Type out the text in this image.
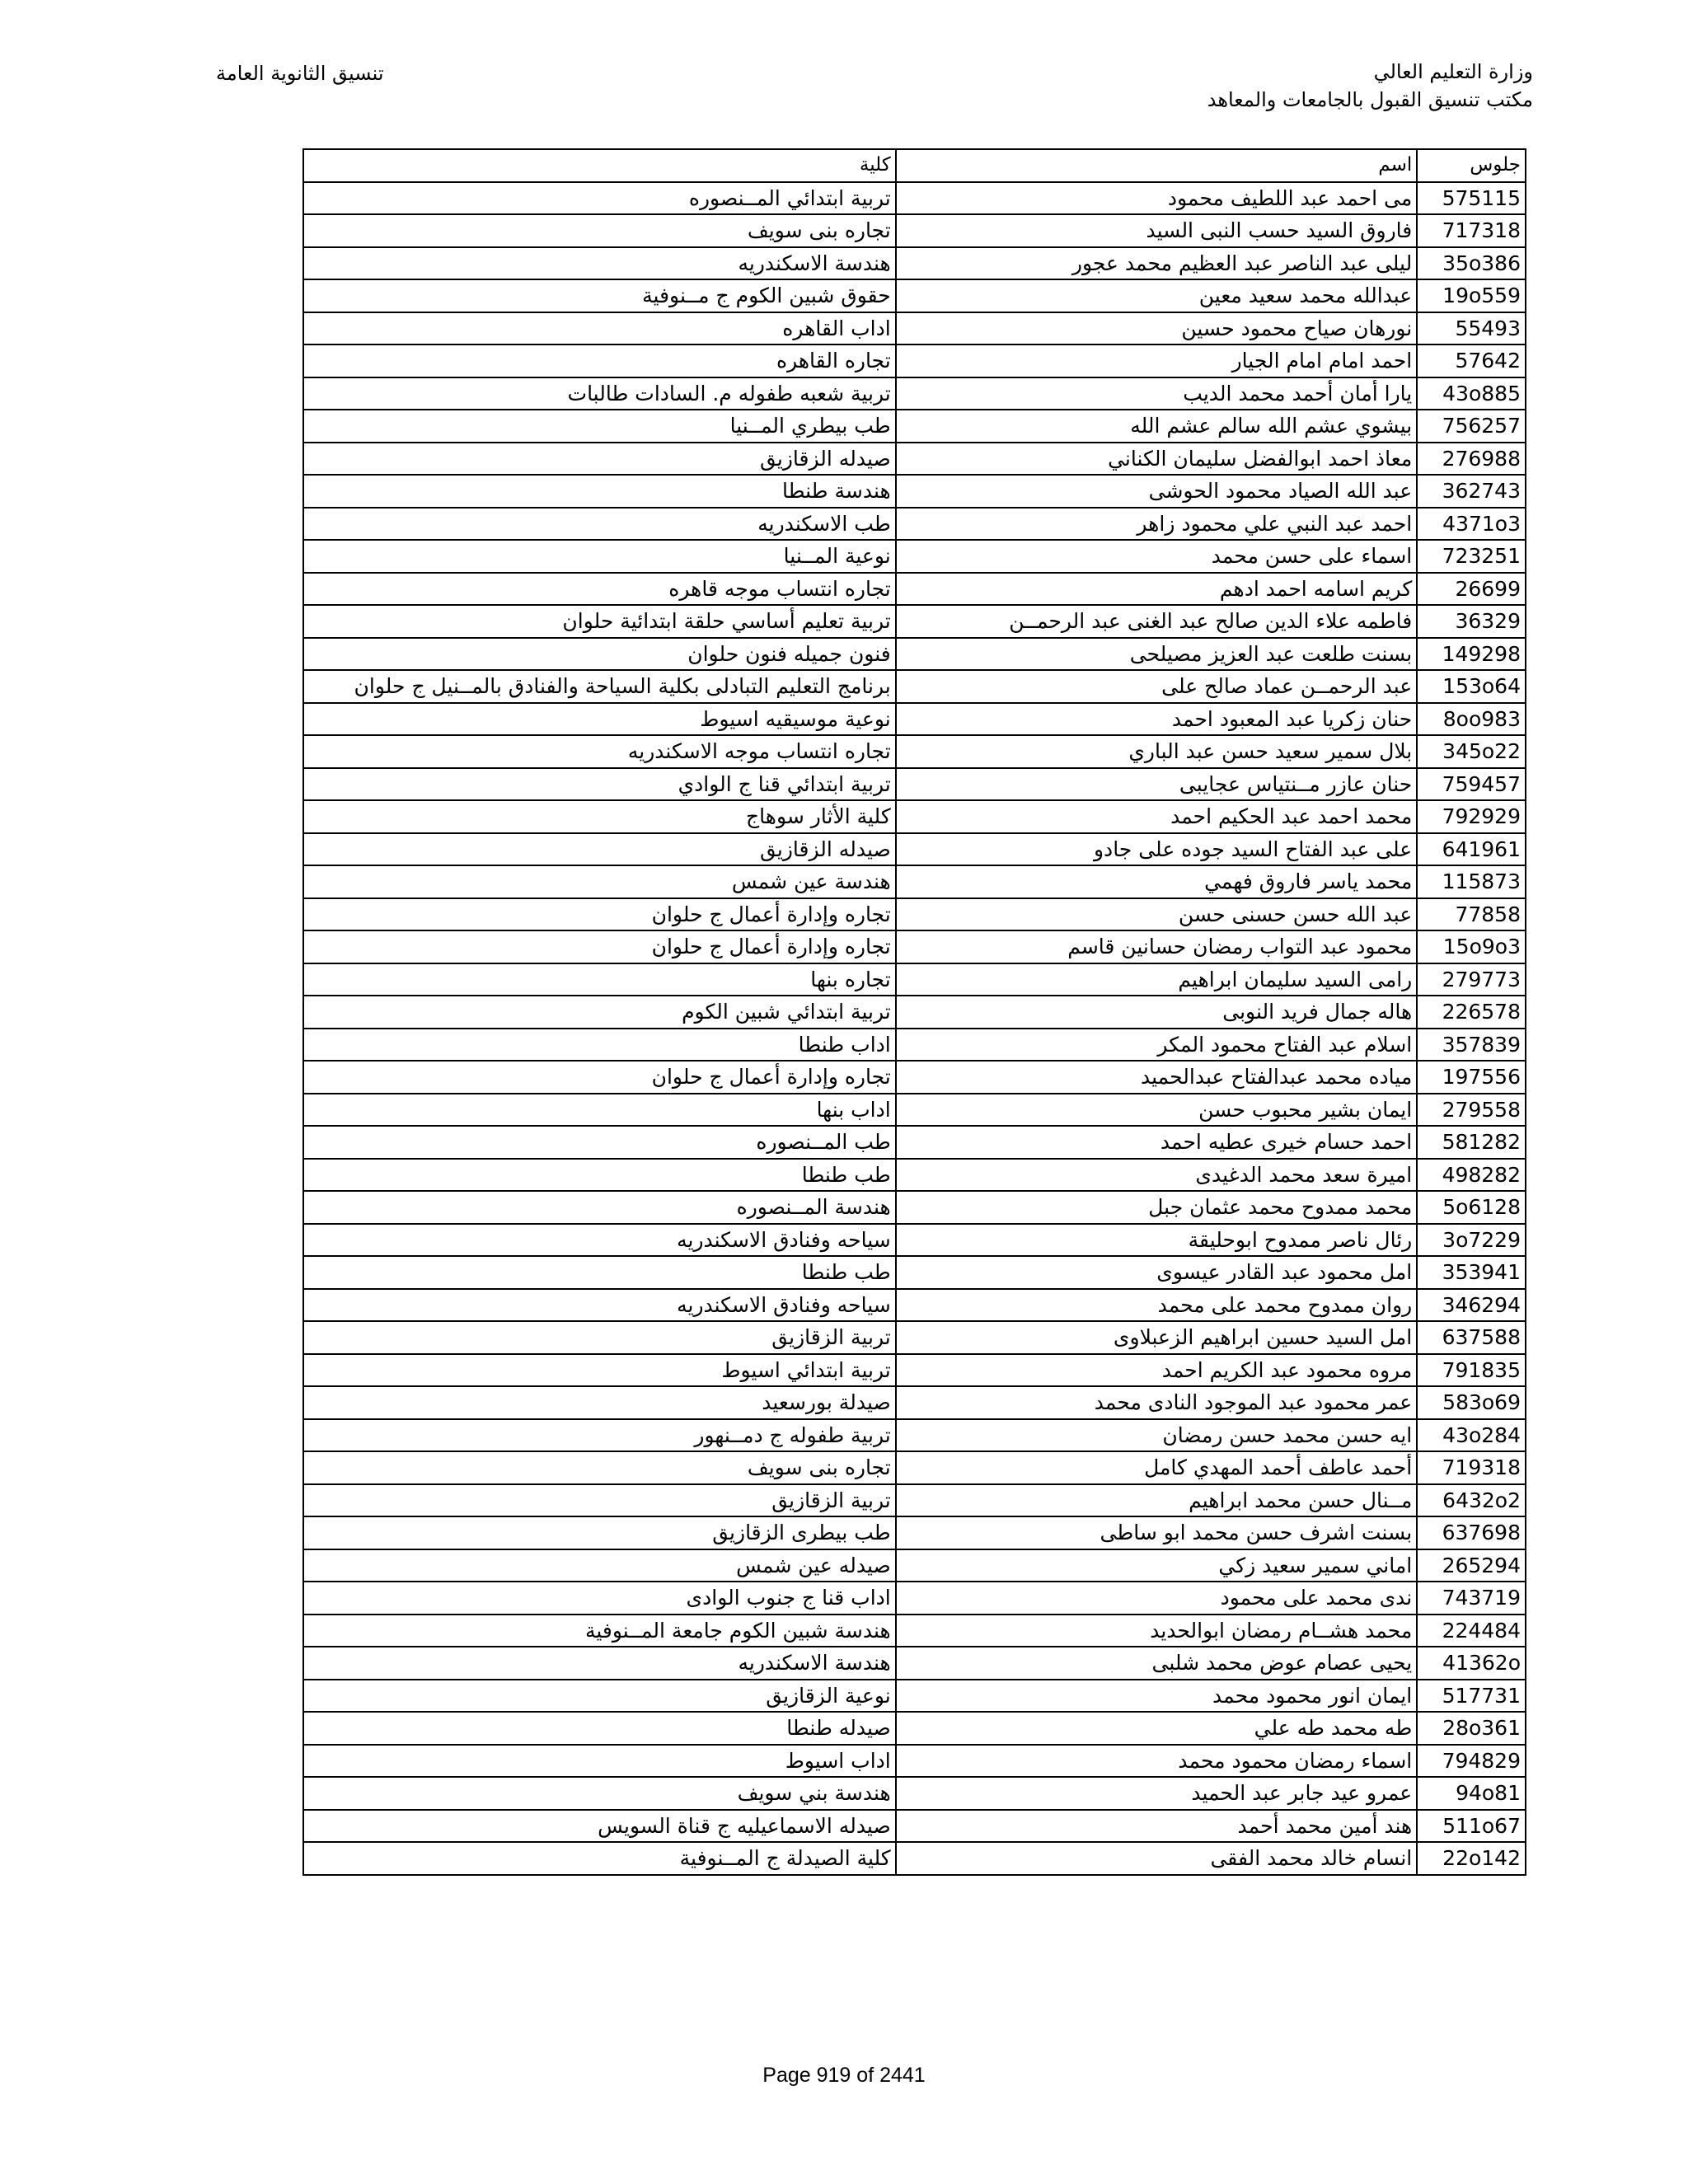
وزارة التعليم العالي
مكتب تنسيق القبول بالجامعات والمعاهد
تنسيق الثانوية العامة
جلوس	اسم	كلية
575115	مى احمد عبد اللطيف محمود	تربية ابتدائي المــنصوره
717318	فاروق السيد حسب النبى السيد	تجاره بنى سويف
35o386	ليلى عبد الناصر عبد العظيم محمد عجور	هندسة الاسكندريه
19o559	عبدالله محمد سعيد معين	حقوق شبين الكوم ج مــنوفية
55493	نورهان صياح محمود حسين	اداب القاهره
57642	احمد امام امام الجيار	تجاره القاهره
43o885	يارا أمان أحمد محمد الديب	تربية شعبه طفوله م. السادات طالبات
756257	بيشوي عشم الله سالم عشم الله	طب بيطري المــنيا
276988	معاذ احمد ابوالفضل سليمان الكناني	صيدله الزقازيق
362743	عبد الله الصياد محمود الحوشى	هندسة طنطا
4371o3	احمد عبد النبي علي محمود زاهر	طب الاسكندريه
723251	اسماء على حسن محمد	نوعية المــنيا
26699	كريم اسامه احمد ادهم	تجاره انتساب موجه قاهره
36329	فاطمه علاء الدين صالح عبد الغنى عبد الرحمــن	تربية تعليم أساسي حلقة ابتدائية حلوان
149298	بسنت طلعت عبد العزيز مصيلحى	فنون جميله فنون حلوان
153o64	عبد الرحمــن عماد صالح على	برنامج التعليم التبادلى بكلية السياحة والفنادق بالمــنيل ج حلوان
8oo983	حنان زكريا عبد المعبود احمد	نوعية موسيقيه اسيوط
345o22	بلال سمير سعيد حسن عبد الباري	تجاره انتساب موجه الاسكندريه
759457	حنان عازر مــنتياس عجايبى	تربية ابتدائي قنا ج الوادي
792929	محمد احمد عبد الحكيم احمد	كلية الأثار سوهاج
641961	على عبد الفتاح السيد جوده على جادو	صيدله الزقازيق
115873	محمد ياسر فاروق فهمي	هندسة عين شمس
77858	عبد الله حسن حسنى حسن	تجاره وإدارة أعمال ج حلوان
15o9o3	محمود عبد التواب رمضان حسانين قاسم	تجاره وإدارة أعمال ج حلوان
279773	رامى السيد سليمان ابراهيم	تجاره بنها
226578	هاله جمال فريد النوبى	تربية ابتدائي شبين الكوم
357839	اسلام عبد الفتاح محمود المكر	اداب طنطا
197556	مياده محمد عبدالفتاح عبدالحميد	تجاره وإدارة أعمال ج حلوان
279558	ايمان بشير محبوب حسن	اداب بنها
581282	احمد حسام خيرى عطيه احمد	طب المــنصوره
498282	اميرة سعد محمد الدغيدى	طب طنطا
5o6128	محمد ممدوح محمد عثمان جبل	هندسة المــنصوره
3o7229	رئال ناصر ممدوح ابوحليقة	سياحه وفنادق الاسكندريه
353941	امل محمود عبد القادر عيسوى	طب طنطا
346294	روان ممدوح محمد على محمد	سياحه وفنادق الاسكندريه
637588	امل السيد حسين ابراهيم الزعبلاوى	تربية الزقازيق
791835	مروه محمود عبد الكريم احمد	تربية ابتدائي اسيوط
583o69	عمر محمود عبد الموجود النادى محمد	صيدلة بورسعيد
43o284	ايه حسن محمد حسن رمضان	تربية طفوله ج دمــنهور
719318	أحمد عاطف أحمد المهدي كامل	تجاره بنى سويف
6432o2	مــنال حسن محمد ابراهيم	تربية الزقازيق
637698	بسنت اشرف حسن محمد ابو ساطى	طب بيطرى الزقازيق
265294	اماني سمير سعيد زكي	صيدله عين شمس
743719	ندى محمد على محمود	اداب قنا ج جنوب الوادى
224484	محمد هشــام رمضان ابوالحديد	هندسة شبين الكوم جامعة المــنوفية
41362o	يحيى عصام عوض محمد شلبى	هندسة الاسكندريه
517731	ايمان انور محمود محمد	نوعية الزقازيق
28o361	طه محمد طه علي	صيدله طنطا
794829	اسماء رمضان محمود محمد	اداب اسيوط
94o81	عمرو عيد جابر عبد الحميد	هندسة بني سويف
511o67	هند أمين محمد أحمد	صيدله الاسماعيليه ج قناة السويس
22o142	انسام خالد محمد الفقى	كلية الصيدلة ج المــنوفية
Page 919 of 2441
